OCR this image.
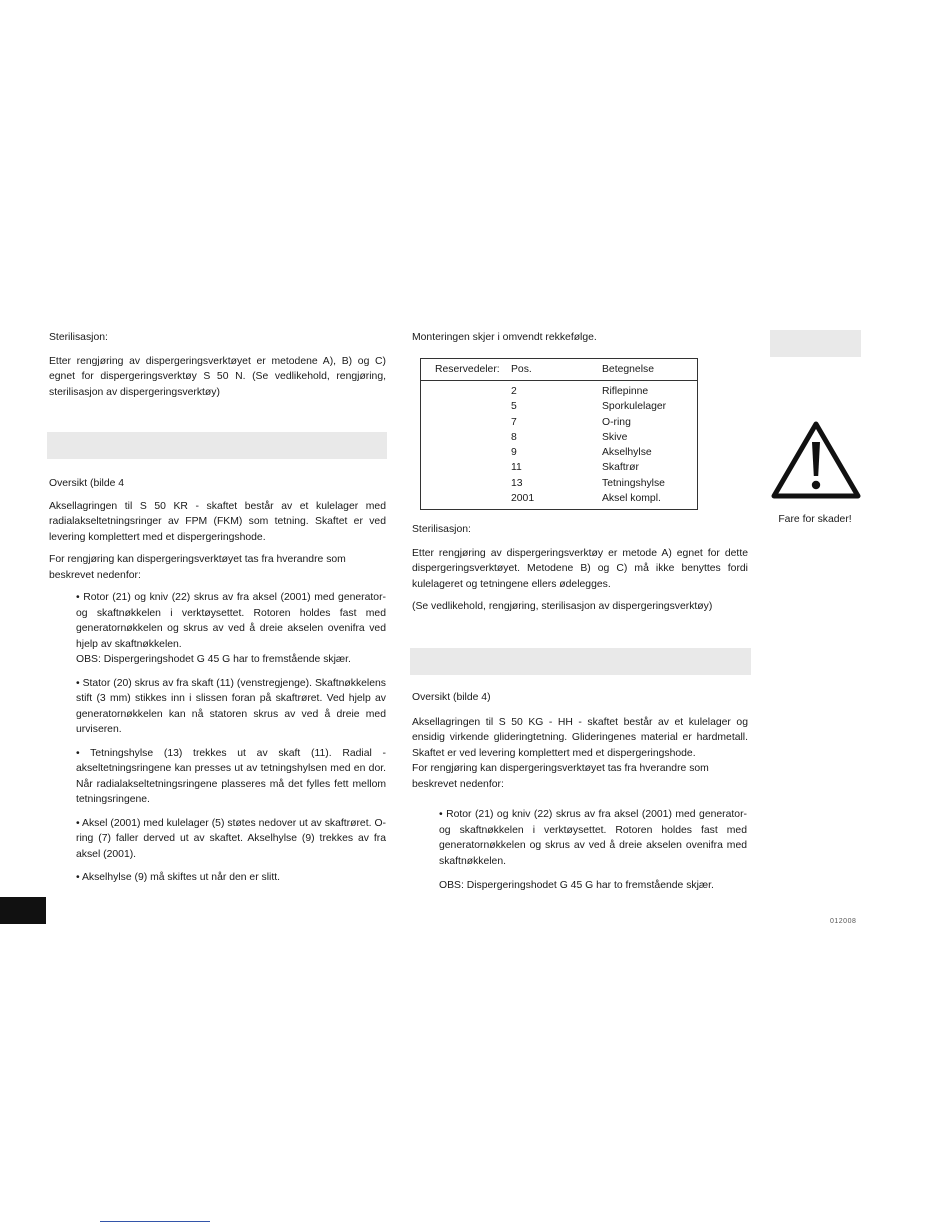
Sterilisasjon:

Etter rengjøring av dispergeringsverktøyet er metodene A), B) og C) egnet for dispergeringsverktøy S 50 N. (Se vedlikehold, rengjøring, sterilisasjon av dispergeringsverktøy)

Oversikt (bilde 4

Aksellagringen til S 50 KR - skaftet består av et kulelager med radialakseltetningsringer av FPM (FKM) som tetning. Skaftet er ved levering komplettert med et dispergeringshode.

For rengjøring kan dispergeringsverktøyet tas fra hverandre som beskrevet nedenfor:

• Rotor (21) og kniv (22) skrus av fra aksel (2001) med generator- og skaftnøkkelen i verktøysettet. Rotoren holdes fast med generatornøkkelen og skrus av ved å dreie akselen ovenifra ved hjelp av skaftnøkkelen.
OBS: Dispergeringshodet G 45 G har to fremstående skjær.
• Stator (20) skrus av fra skaft (11) (venstregjenge). Skaftnøkkelens stift (3 mm) stikkes inn i slissen foran på skaftrøret. Ved hjelp av generatornøkkelen kan nå statoren skrus av ved å dreie med urviseren.
• Tetningshylse (13) trekkes ut av skaft (11). Radial - akseltetningsringene kan presses ut av tetningshylsen med en dor. Når radialakseltetningsringene plasseres må det fylles fett mellom tetningsringene.
• Aksel (2001) med kulelager (5) støtes nedover ut av skaftrøret. O-ring (7) faller derved ut av skaftet. Akselhylse (9) trekkes av fra aksel (2001).
• Akselhylse (9) må skiftes ut når den er slitt.

Monteringen skjer i omvendt rekkefølge.

Reservedeler: Pos.	Betegnelse
2	Riflepinne
5	Sporkulelager
7	O-ring
8	Skive
9	Akselhylse
11	Skaftrør
13	Tetningshylse
2001	Aksel kompl.

Sterilisasjon:

Etter rengjøring av dispergeringsverktøy er metode A) egnet for dette dispergeringsverktøyet. Metodene B) og C) må ikke benyttes fordi kulelageret og tetningene ellers ødelegges.

(Se vedlikehold, rengjøring, sterilisasjon av dispergeringsverktøy)

Oversikt (bilde 4)

Aksellagringen til S 50 KG - HH - skaftet består av et kulelager og ensidig virkende glideringtetning. Glideringenes material er hardmetall. Skaftet er ved levering komplettert med et dispergeringshode.

For rengjøring kan dispergeringsverktøyet tas fra hverandre som beskrevet nedenfor:

• Rotor (21) og kniv (22) skrus av fra aksel (2001) med generator- og skaftnøkkelen i verktøysettet. Rotoren holdes fast med generatornøkkelen og skrus av ved å dreie akselen ovenifra med skaftnøkkelen.

OBS: Dispergeringshodet G 45 G har to fremstående skjær.

Fare for skader!
012008
